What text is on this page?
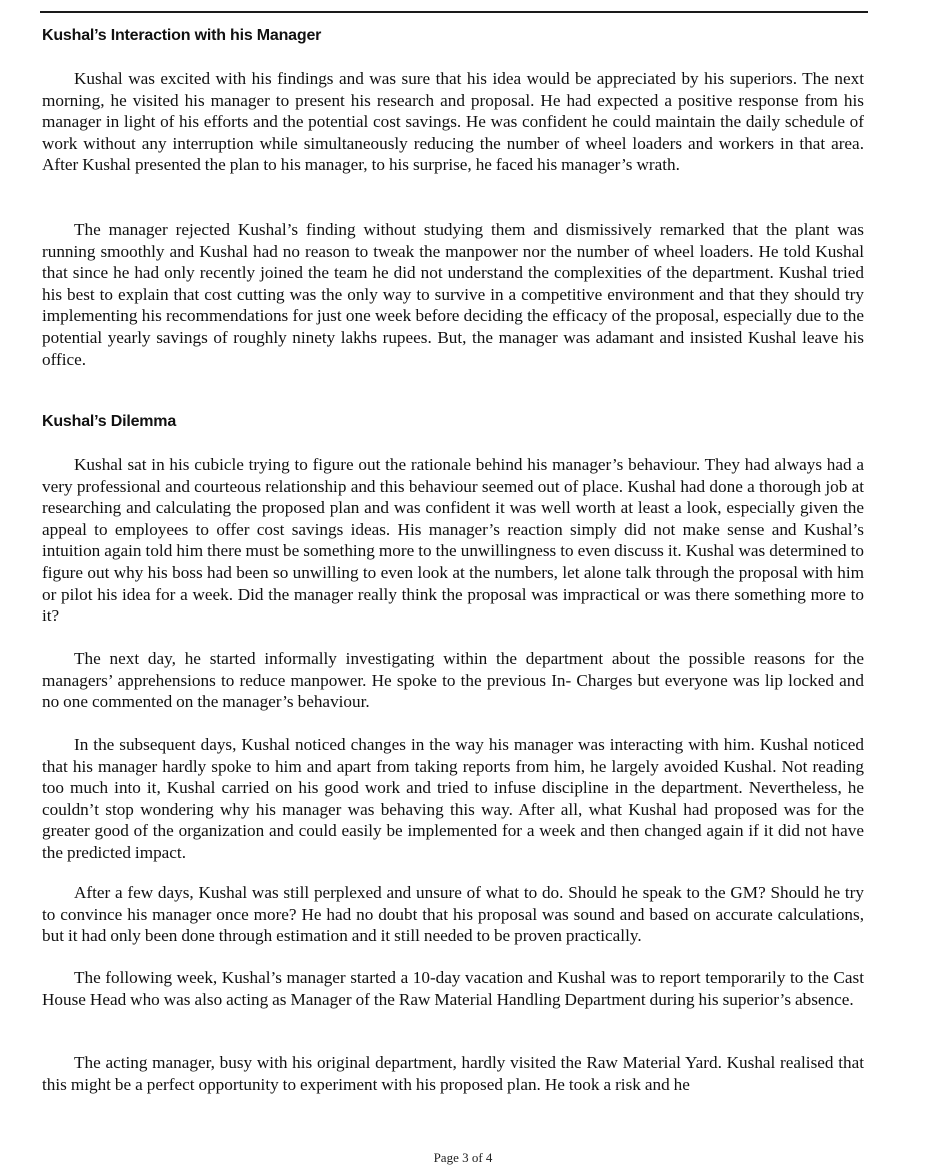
Kushal’s Interaction with his Manager

Kushal was excited with his findings and was sure that his idea would be appreciated by his superiors. The next morning, he visited his manager to present his research and proposal. He had expected a positive response from his manager in light of his efforts and the potential cost savings. He was confident he could maintain the daily schedule of work without any interruption while simultaneously reducing the number of wheel loaders and workers in that area. After Kushal presented the plan to his manager, to his surprise, he faced his manager’s wrath.

The manager rejected Kushal’s finding without studying them and dismissively remarked that the plant was running smoothly and Kushal had no reason to tweak the manpower nor the number of wheel loaders. He told Kushal that since he had only recently joined the team he did not understand the complexities of the department. Kushal tried his best to explain that cost cutting was the only way to survive in a competitive environment and that they should try implementing his recommendations for just one week before deciding the efficacy of the proposal, especially due to the potential yearly savings of roughly ninety lakhs rupees. But, the manager was adamant and insisted Kushal leave his office.

Kushal’s Dilemma

Kushal sat in his cubicle trying to figure out the rationale behind his manager’s behaviour. They had always had a very professional and courteous relationship and this behaviour seemed out of place. Kushal had done a thorough job at researching and calculating the proposed plan and was confident it was well worth at least a look, especially given the appeal to employees to offer cost savings ideas. His manager’s reaction simply did not make sense and Kushal’s intuition again told him there must be something more to the unwillingness to even discuss it. Kushal was determined to figure out why his boss had been so unwilling to even look at the numbers, let alone talk through the proposal with him or pilot his idea for a week. Did the manager really think the proposal was impractical or was there something more to it?

The next day, he started informally investigating within the department about the possible reasons for the managers’ apprehensions to reduce manpower. He spoke to the previous In- Charges but everyone was lip locked and no one commented on the manager’s behaviour.

In the subsequent days, Kushal noticed changes in the way his manager was interacting with him. Kushal noticed that his manager hardly spoke to him and apart from taking reports from him, he largely avoided Kushal. Not reading too much into it, Kushal carried on his good work and tried to infuse discipline in the department. Nevertheless, he couldn’t stop wondering why his manager was behaving this way. After all, what Kushal had proposed was for the greater good of the organization and could easily be implemented for a week and then changed again if it did not have the predicted impact.

After a few days, Kushal was still perplexed and unsure of what to do. Should he speak to the GM? Should he try to convince his manager once more? He had no doubt that his proposal was sound and based on accurate calculations, but it had only been done through estimation and it still needed to be proven practically.

The following week, Kushal’s manager started a 10-day vacation and Kushal was to report temporarily to the Cast House Head who was also acting as Manager of the Raw Material Handling Department during his superior’s absence.

The acting manager, busy with his original department, hardly visited the Raw Material Yard. Kushal realised that this might be a perfect opportunity to experiment with his proposed plan. He took a risk and he

Page 3 of 4
